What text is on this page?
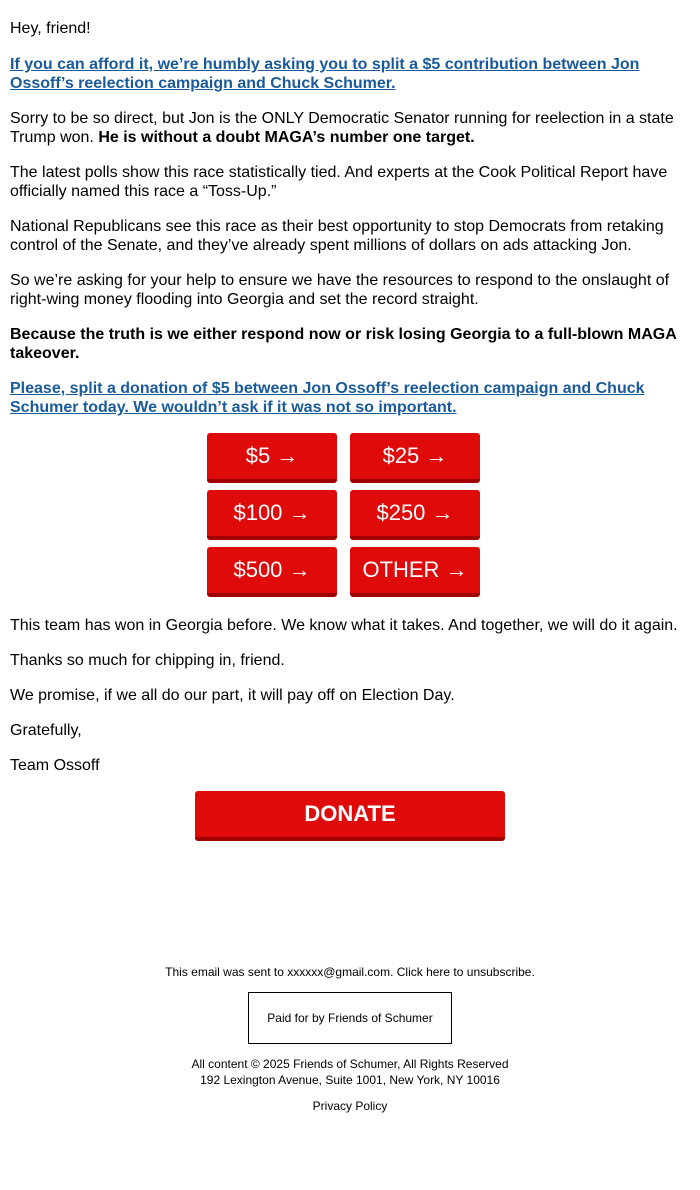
Hey, friend!

If you can afford it, we’re humbly asking you to split a $5 contribution between Jon Ossoff’s reelection campaign and Chuck Schumer.

Sorry to be so direct, but Jon is the ONLY Democratic Senator running for reelection in a state Trump won. He is without a doubt MAGA’s number one target.

The latest polls show this race statistically tied. And experts at the Cook Political Report have officially named this race a “Toss-Up.”

National Republicans see this race as their best opportunity to stop Democrats from retaking control of the Senate, and they’ve already spent millions of dollars on ads attacking Jon.

So we’re asking for your help to ensure we have the resources to respond to the onslaught of right-wing money flooding into Georgia and set the record straight.

Because the truth is we either respond now or risk losing Georgia to a full-blown MAGA takeover.

Please, split a donation of $5 between Jon Ossoff’s reelection campaign and Chuck Schumer today. We wouldn’t ask if it was not so important.

$5 →	$25 →
$100 →	$250 →
$500 →	OTHER →

This team has won in Georgia before. We know what it takes. And together, we will do it again.

Thanks so much for chipping in, friend.

We promise, if we all do our part, it will pay off on Election Day.

Gratefully,

Team Ossoff

DONATE

This email was sent to xxxxxx@gmail.com. Click here to unsubscribe.

Paid for by Friends of Schumer

All content © 2025 Friends of Schumer, All Rights Reserved

192 Lexington Avenue, Suite 1001, New York, NY 10016

Privacy Policy
